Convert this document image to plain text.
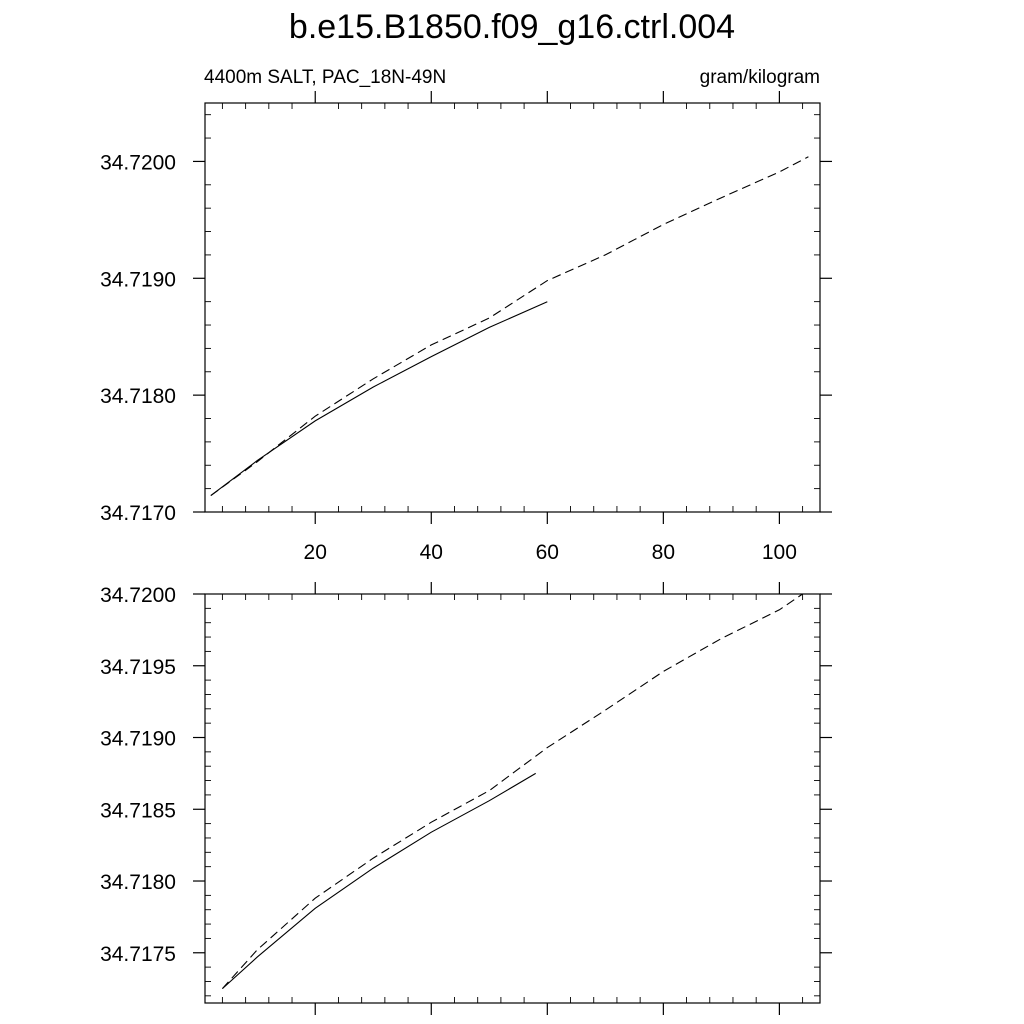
b.e15.B1850.f09_g16.ctrl.004
4400m SALT, PAC_18N-49N	gram/kilogram
20	40	60	80	100
34.7170
34.7180
34.7190
34.7200
34.7175
34.7180
34.7185
34.7190
34.7195
34.7200
